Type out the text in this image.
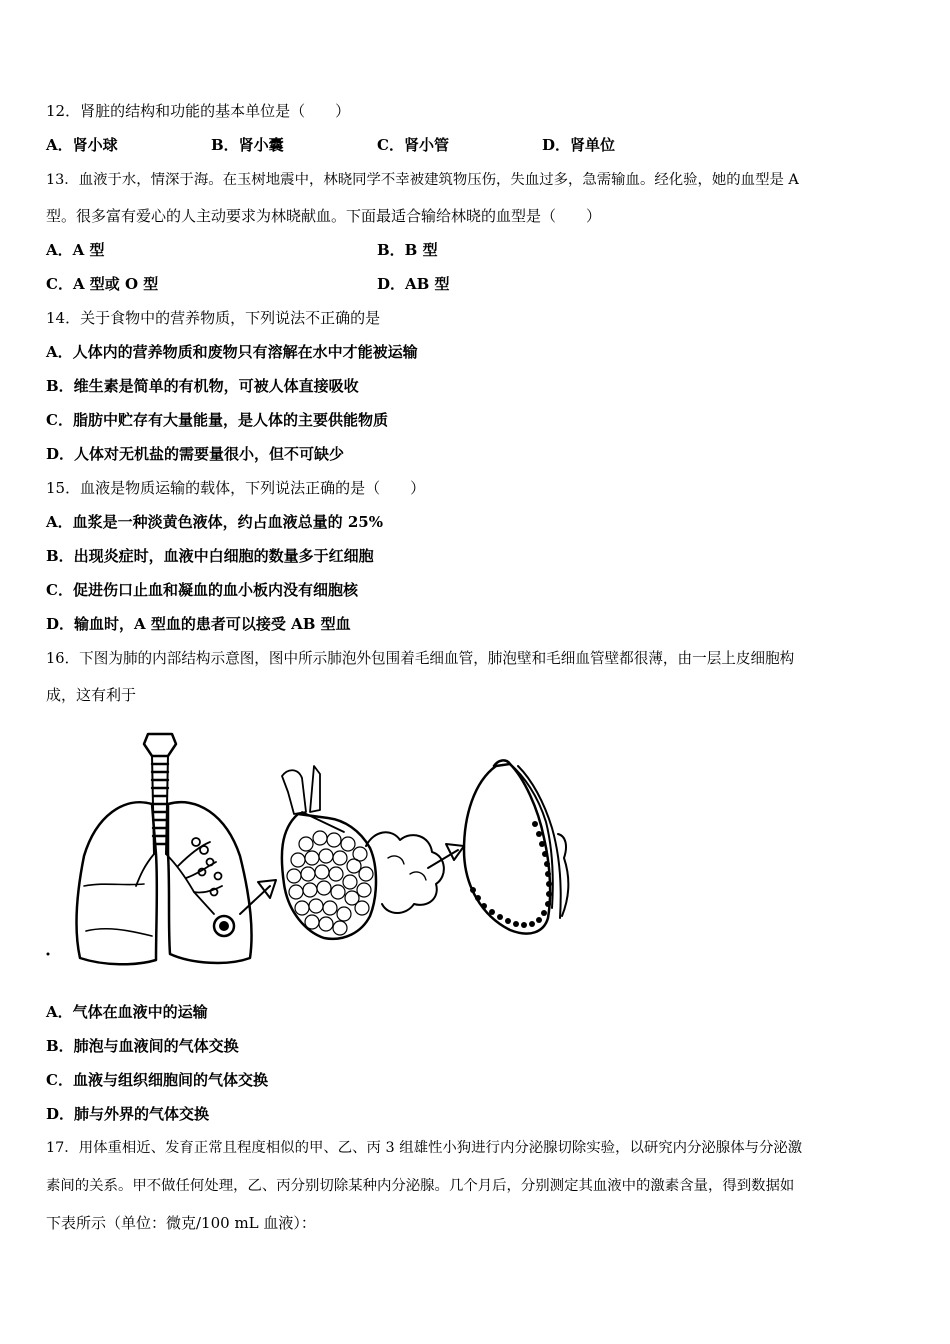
12．肾脏的结构和功能的基本单位是（　　）
A．肾小球	B．肾小囊	C．肾小管	D．肾单位
13．血液于水，情深于海。在玉树地震中，林晓同学不幸被建筑物压伤，失血过多，急需输血。经化验，她的血型是 A
型。很多富有爱心的人主动要求为林晓献血。下面最适合输给林晓的血型是（　　）
A．A 型	B．B 型
C．A 型或 O 型	D．AB 型
14．关于食物中的营养物质，下列说法不正确的是
A．人体内的营养物质和废物只有溶解在水中才能被运输
B．维生素是简单的有机物，可被人体直接吸收
C．脂肪中贮存有大量能量，是人体的主要供能物质
D．人体对无机盐的需要量很小，但不可缺少
15．血液是物质运输的载体，下列说法正确的是（　　）
A．血浆是一种淡黄色液体，约占血液总量的 25%
B．出现炎症时，血液中白细胞的数量多于红细胞
C．促进伤口止血和凝血的血小板内没有细胞核
D．输血时，A 型血的患者可以接受 AB 型血
16．下图为肺的内部结构示意图，图中所示肺泡外包围着毛细血管，肺泡壁和毛细血管壁都很薄，由一层上皮细胞构
成，这有利于
A．气体在血液中的运输
B．肺泡与血液间的气体交换
C．血液与组织细胞间的气体交换
D．肺与外界的气体交换
17．用体重相近、发育正常且程度相似的甲、乙、丙 3 组雄性小狗进行内分泌腺切除实验，以研究内分泌腺体与分泌激
素间的关系。甲不做任何处理，乙、丙分别切除某种内分泌腺。几个月后，分别测定其血液中的激素含量，得到数据如
下表所示（单位：微克/100 mL 血液）：
